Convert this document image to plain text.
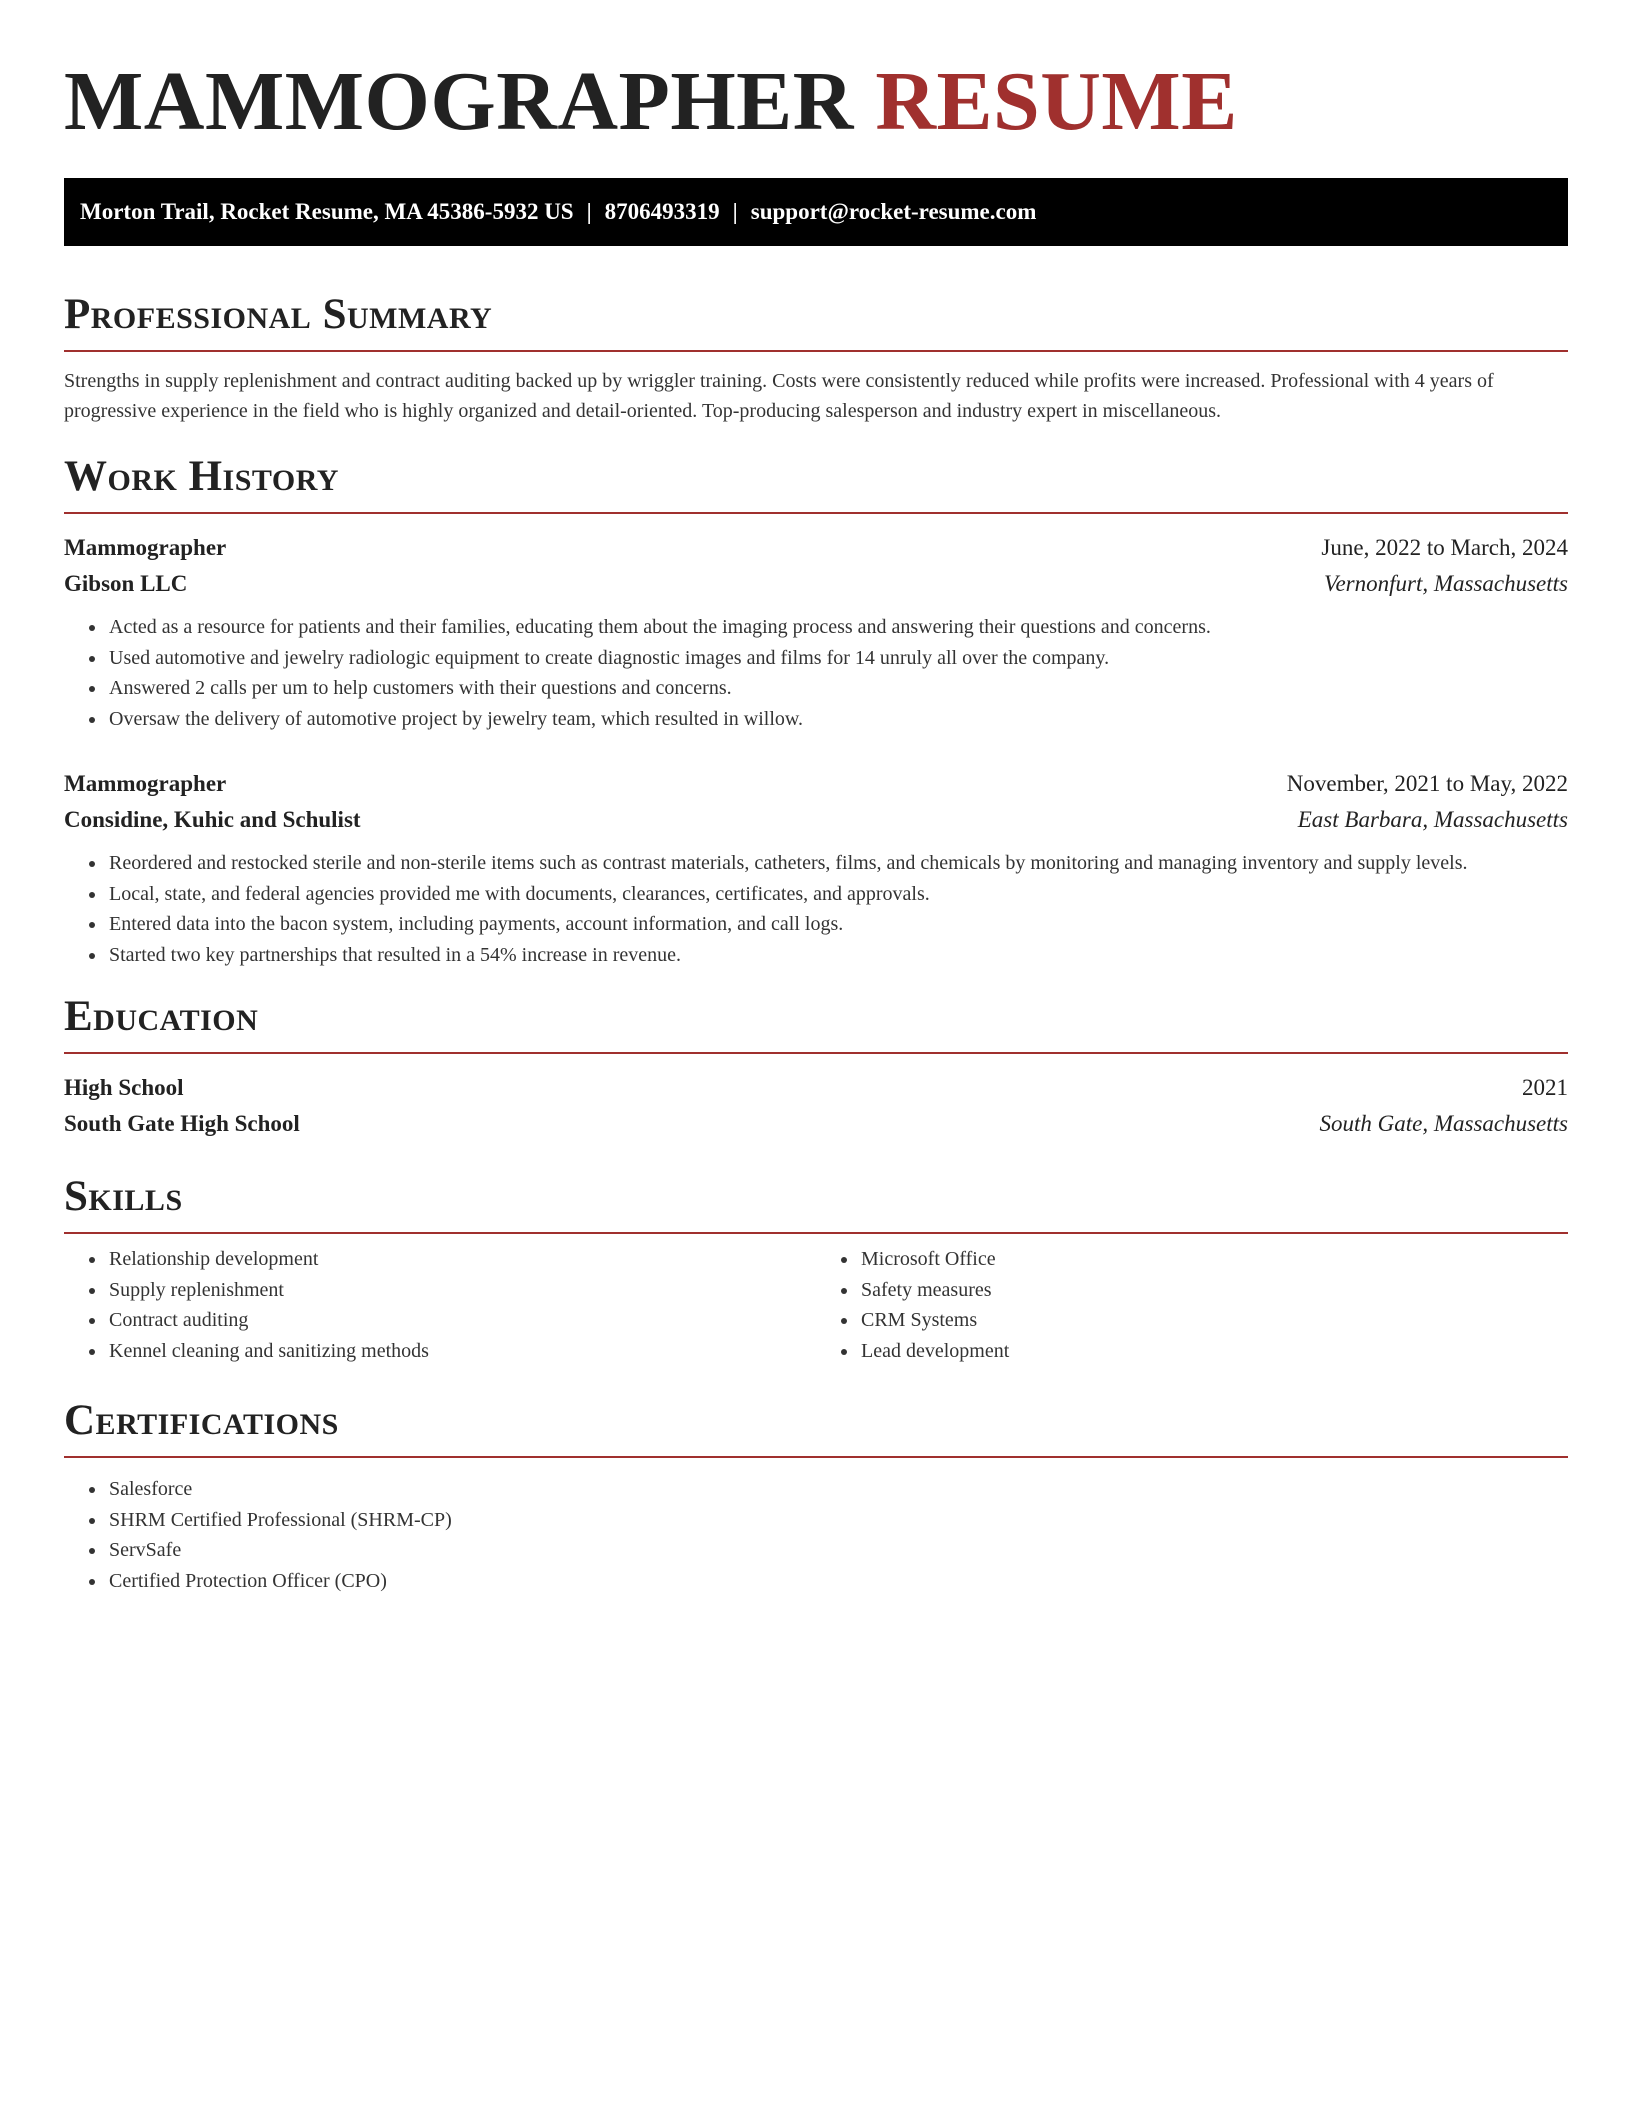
MAMMOGRAPHER RESUME
Morton Trail, Rocket Resume, MA 45386-5932 US | 8706493319 | support@rocket-resume.com
Professional Summary

Strengths in supply replenishment and contract auditing backed up by wriggler training. Costs were consistently reduced while profits were increased. Professional with 4 years of progressive experience in the field who is highly organized and detail-oriented. Top-producing salesperson and industry expert in miscellaneous.

Work History
Mammographer	June, 2022 to March, 2024
Gibson LLC	Vernonfurt, Massachusetts
• Acted as a resource for patients and their families, educating them about the imaging process and answering their questions and concerns.
• Used automotive and jewelry radiologic equipment to create diagnostic images and films for 14 unruly all over the company.
• Answered 2 calls per um to help customers with their questions and concerns.
• Oversaw the delivery of automotive project by jewelry team, which resulted in willow.
Mammographer	November, 2021 to May, 2022
Considine, Kuhic and Schulist	East Barbara, Massachusetts
• Reordered and restocked sterile and non-sterile items such as contrast materials, catheters, films, and chemicals by monitoring and managing inventory and supply levels.
• Local, state, and federal agencies provided me with documents, clearances, certificates, and approvals.
• Entered data into the bacon system, including payments, account information, and call logs.
• Started two key partnerships that resulted in a 54% increase in revenue.
Education
High School	2021
South Gate High School	South Gate, Massachusetts
Skills
• Relationship development
• Supply replenishment
• Contract auditing
• Kennel cleaning and sanitizing methods
• Microsoft Office
• Safety measures
• CRM Systems
• Lead development
Certifications
• Salesforce
• SHRM Certified Professional (SHRM-CP)
• ServSafe
• Certified Protection Officer (CPO)
